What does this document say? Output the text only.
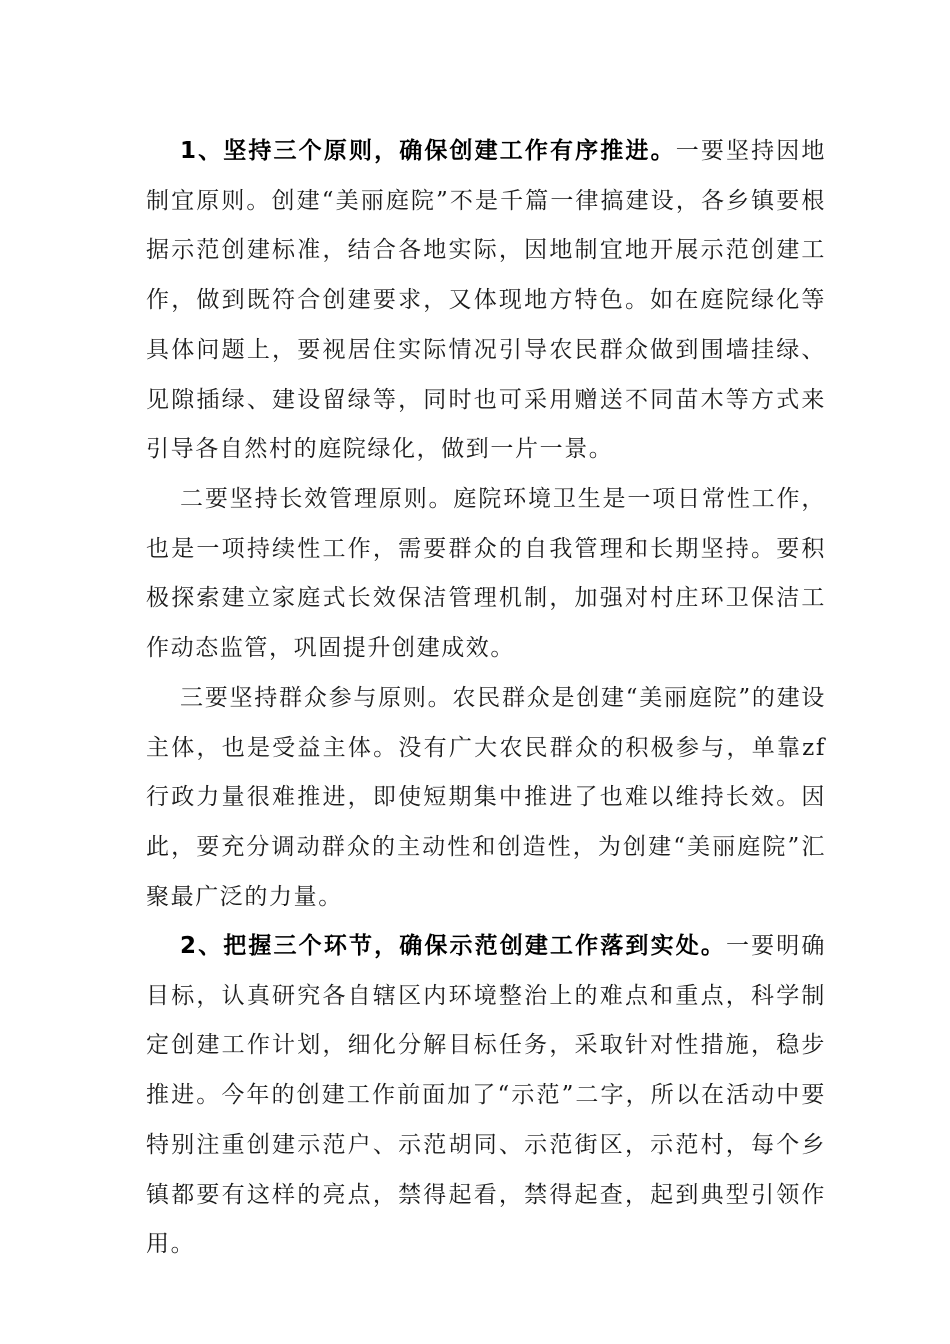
1、坚持三个原则，确保创建工作有序推进。一要坚持因地制宜原则。创建“美丽庭院”不是千篇一律搞建设，各乡镇要根据示范创建标准，结合各地实际，因地制宜地开展示范创建工作，做到既符合创建要求，又体现地方特色。如在庭院绿化等具体问题上，要视居住实际情况引导农民群众做到围墙挂绿、见隙插绿、建设留绿等，同时也可采用赠送不同苗木等方式来引导各自然村的庭院绿化，做到一片一景。

二要坚持长效管理原则。庭院环境卫生是一项日常性工作，也是一项持续性工作，需要群众的自我管理和长期坚持。要积极探索建立家庭式长效保洁管理机制，加强对村庄环卫保洁工作动态监管，巩固提升创建成效。

三要坚持群众参与原则。农民群众是创建“美丽庭院”的建设主体，也是受益主体。没有广大农民群众的积极参与，单靠zf行政力量很难推进，即使短期集中推进了也难以维持长效。因此，要充分调动群众的主动性和创造性，为创建“美丽庭院”汇聚最广泛的力量。

2、把握三个环节，确保示范创建工作落到实处。一要明确目标，认真研究各自辖区内环境整治上的难点和重点，科学制定创建工作计划，细化分解目标任务，采取针对性措施，稳步推进。今年的创建工作前面加了“示范”二字，所以在活动中要特别注重创建示范户、示范胡同、示范街区，示范村，每个乡镇都要有这样的亮点，禁得起看，禁得起查，起到典型引领作用。
